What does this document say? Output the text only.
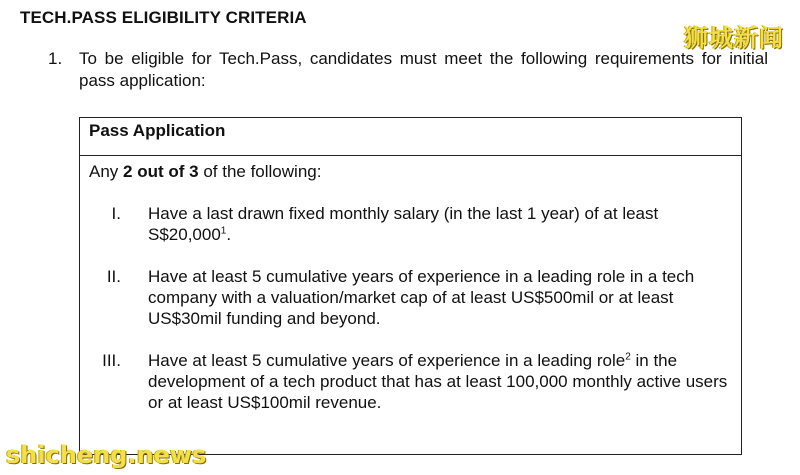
TECH.PASS ELIGIBILITY CRITERIA
狮城新闻
1. To be eligible for Tech.Pass, candidates must meet the following requirements for initial pass application:
Pass Application
Any 2 out of 3 of the following:
I. Have a last drawn fixed monthly salary (in the last 1 year) of at least S$20,000$^1$.
II. Have at least 5 cumulative years of experience in a leading role in a tech company with a valuation/market cap of at least US$500mil or at least US$30mil funding and beyond.
III. Have at least 5 cumulative years of experience in a leading role$^2$ in the development of a tech product that has at least 100,000 monthly active users or at least US$100mil revenue.
shicheng.news
